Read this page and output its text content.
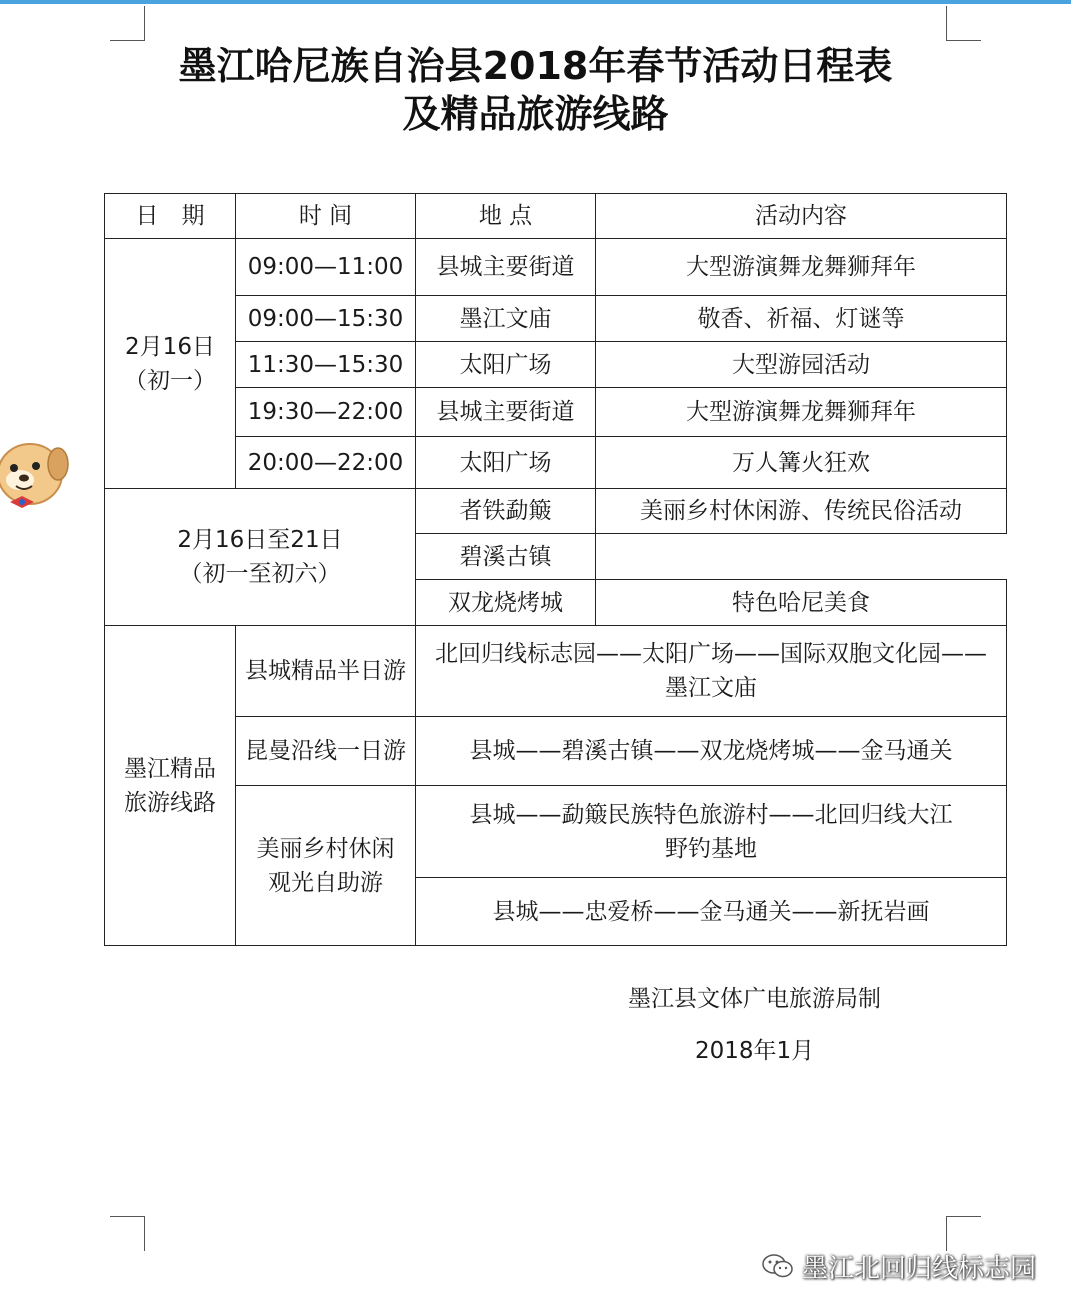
墨江哈尼族自治县2018年春节活动日程表
及精品旅游线路
日　期	时 间	地 点	活动内容

2月16日
（初一）	09:00—11:00	县城主要街道	大型游演舞龙舞狮拜年
	09:00—15:30	墨江文庙	敬香、祈福、灯谜等
	11:30—15:30	太阳广场	大型游园活动
	19:30—22:00	县城主要街道	大型游演舞龙舞狮拜年
	20:00—22:00	太阳广场	万人篝火狂欢

2月16日至21日
（初一至初六）		者铁勐簸	美丽乡村休闲游、传统民俗活动
		碧溪古镇	
		双龙烧烤城	特色哈尼美食

墨江精品
旅游线路	县城精品半日游	北回归线标志园——太阳广场——国际双胞文化园——
墨江文庙	

	昆曼沿线一日游	县城——碧溪古镇——双龙烧烤城——金马通关	

	美丽乡村休闲
观光自助游	县城——勐簸民族特色旅游村——北回归线大江
野钓基地	

		县城——忠爱桥——金马通关——新抚岩画	
墨江县文体广电旅游局制
2018年1月
墨江北回归线标志园
